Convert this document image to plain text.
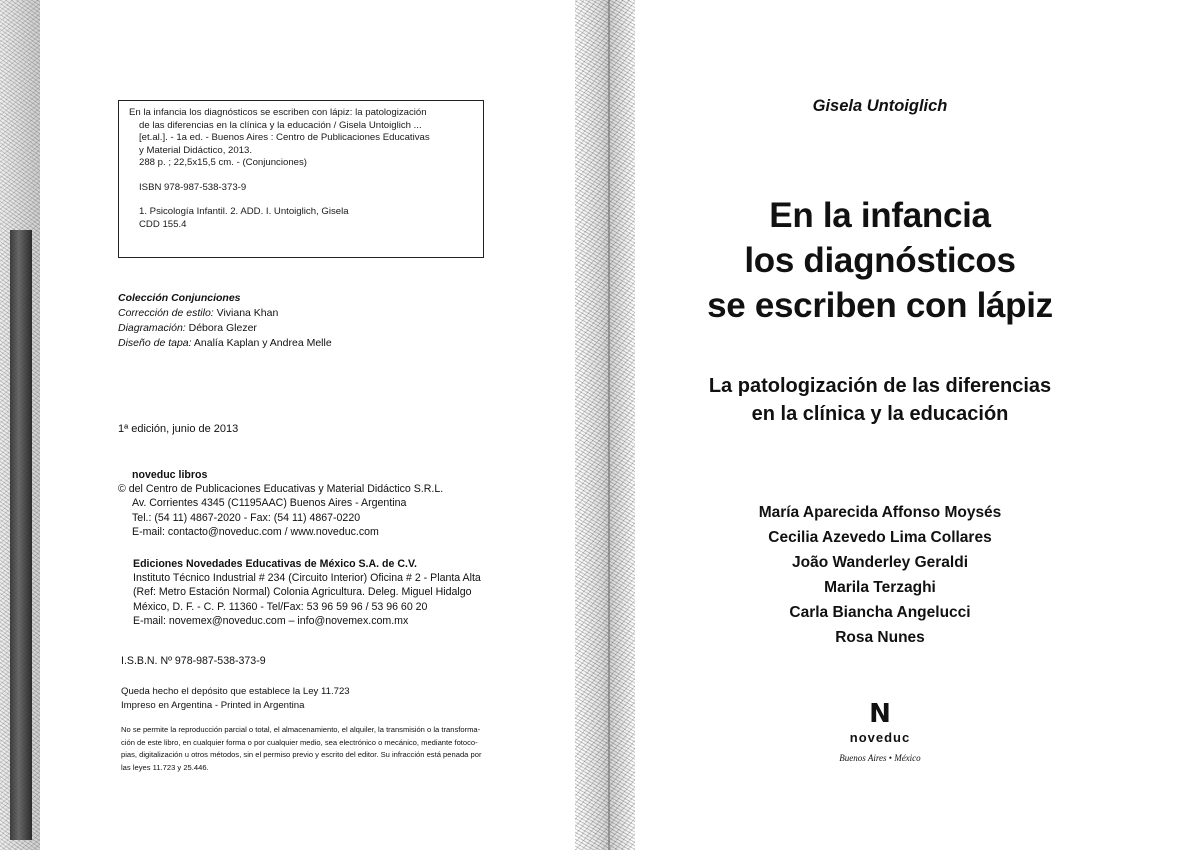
En la infancia los diagnósticos se escriben con lápiz: la patologización
de las diferencias en la clínica y la educación / Gisela Untoiglich ...
[et.al.]. - 1a ed. - Buenos Aires : Centro de Publicaciones Educativas
y Material Didáctico, 2013.
288 p. ; 22,5x15,5 cm. - (Conjunciones)
ISBN 978-987-538-373-9
1. Psicología Infantil. 2. ADD. I. Untoiglich, Gisela
CDD 155.4
Colección Conjunciones
Corrección de estilo: Viviana Khan
Diagramación: Débora Glezer
Diseño de tapa: Analía Kaplan y Andrea Melle
1ª edición, junio de 2013
noveduc libros
© del Centro de Publicaciones Educativas y Material Didáctico S.R.L.
Av. Corrientes 4345 (C1195AAC) Buenos Aires - Argentina
Tel.: (54 11) 4867-2020 - Fax: (54 11) 4867-0220
E-mail: contacto@noveduc.com / www.noveduc.com
Ediciones Novedades Educativas de México S.A. de C.V.
Instituto Técnico Industrial # 234 (Circuito Interior) Oficina # 2 - Planta Alta
(Ref: Metro Estación Normal) Colonia Agricultura. Deleg. Miguel Hidalgo
México, D. F. - C. P. 11360 - Tel/Fax: 53 96 59 96 / 53 96 60 20
E-mail: novemex@noveduc.com – info@novemex.com.mx
I.S.B.N. Nº 978-987-538-373-9
Queda hecho el depósito que establece la Ley 11.723
Impreso en Argentina - Printed in Argentina
No se permite la reproducción parcial o total, el almacenamiento, el alquiler, la transmisión o la transforma-
ción de este libro, en cualquier forma o por cualquier medio, sea electrónico o mecánico, mediante fotoco-
pias, digitalización u otros métodos, sin el permiso previo y escrito del editor. Su infracción está penada por
las leyes 11.723 y 25.446.
Gisela Untoiglich
En la infancia
los diagnósticos
se escriben con lápiz
La patologización de las diferencias
en la clínica y la educación
María Aparecida Affonso Moysés
Cecilia Azevedo Lima Collares
João Wanderley Geraldi
Marila Terzaghi
Carla Biancha Angelucci
Rosa Nunes
N
noveduc
Buenos Aires • México
